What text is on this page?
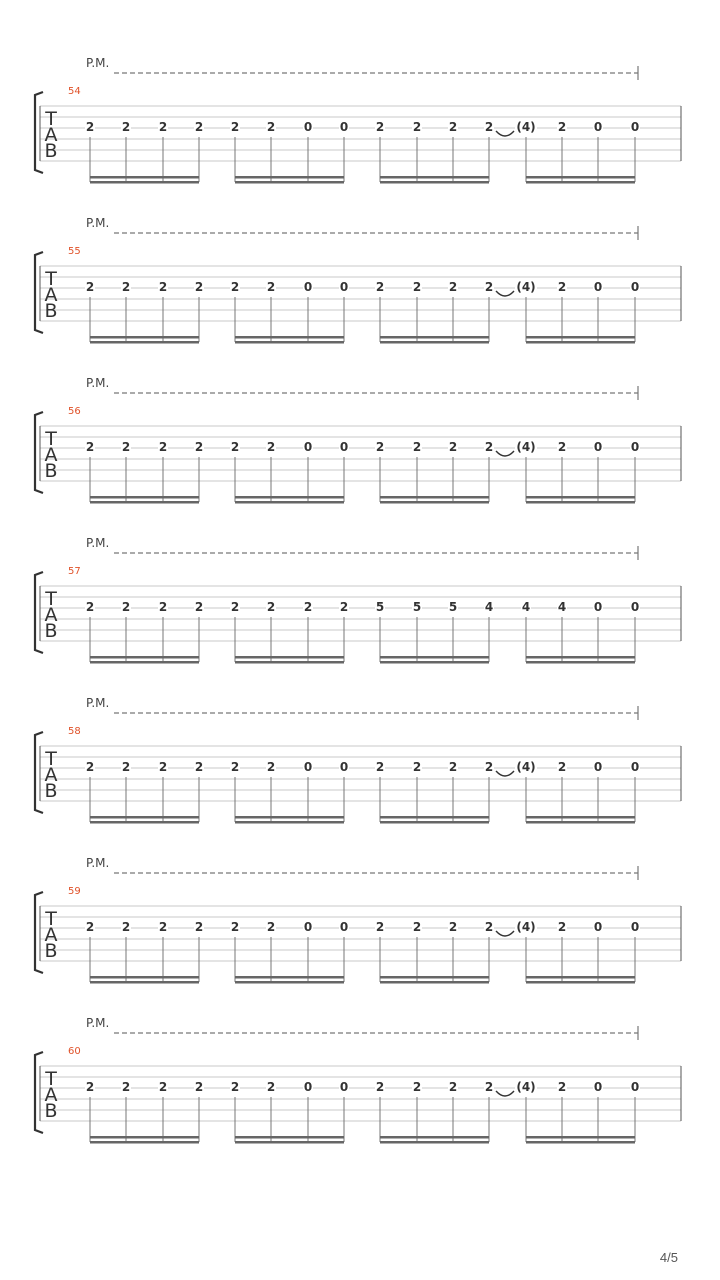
P.M.
54
T
A
B
2 2 2 2 2 2 0 0 2 2 2 2 (4) 2 0 0
P.M.
55
T
A
B
2 2 2 2 2 2 0 0 2 2 2 2 (4) 2 0 0
P.M.
56
T
A
B
2 2 2 2 2 2 0 0 2 2 2 2 (4) 2 0 0
P.M.
57
T
A
B
2 2 2 2 2 2 2 2 5 5 5 4 4 4 0 0
P.M.
58
T
A
B
2 2 2 2 2 2 0 0 2 2 2 2 (4) 2 0 0
P.M.
59
T
A
B
2 2 2 2 2 2 0 0 2 2 2 2 (4) 2 0 0
P.M.
60
T
A
B
2 2 2 2 2 2 0 0 2 2 2 2 (4) 2 0 0
4/5
